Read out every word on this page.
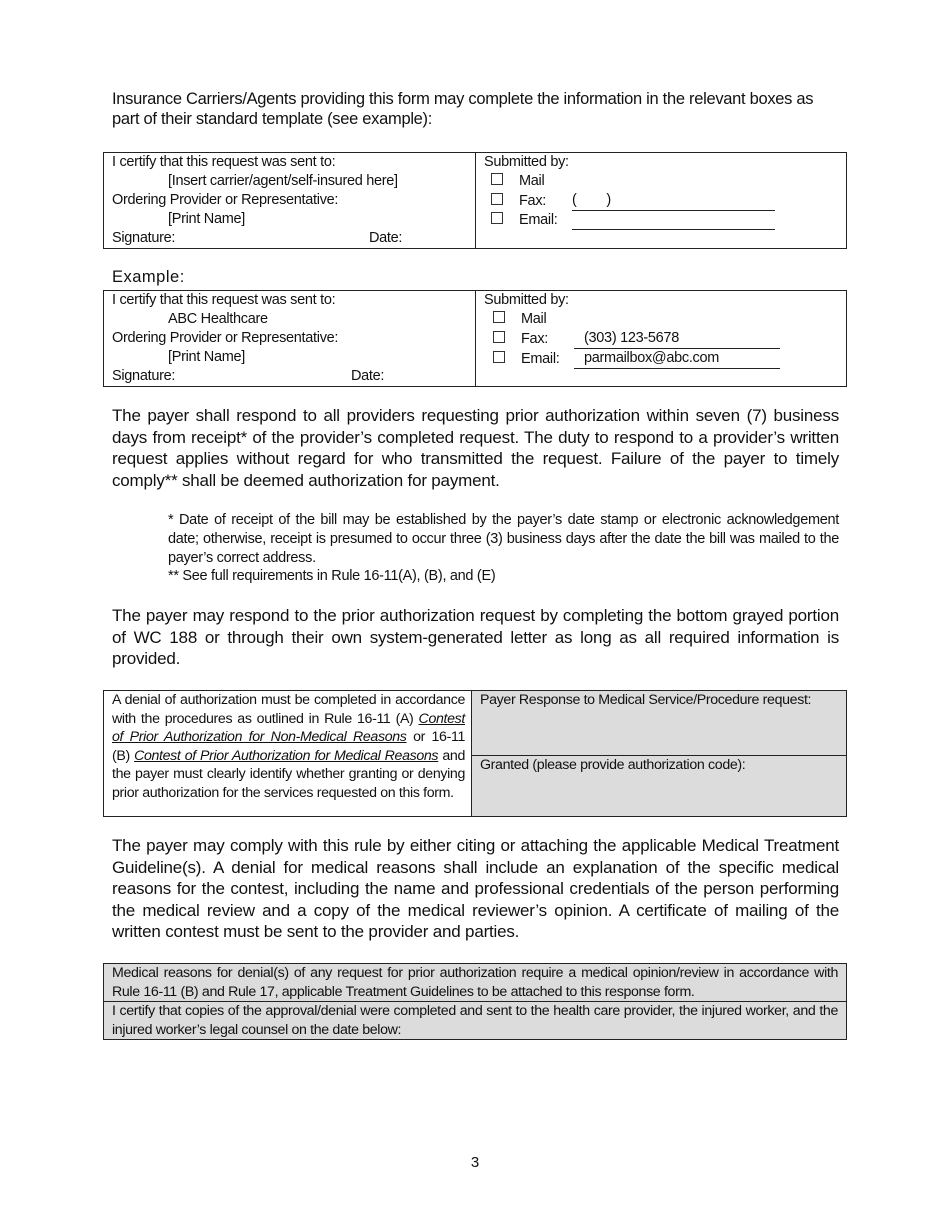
Insurance Carriers/Agents providing this form may complete the information in the relevant boxes as part of their standard template (see example):
I certify that this request was sent to:
[Insert carrier/agent/self-insured here]
Ordering Provider or Representative:
[Print Name]
Signature:	Date:

Submitted by:
Mail
Fax: (        )
Email:
Example:
I certify that this request was sent to:
ABC Healthcare
Ordering Provider or Representative:
[Print Name]
Signature:	Date:

Submitted by:
Mail
Fax: (303) 123-5678
Email: parmailbox@abc.com
The payer shall respond to all providers requesting prior authorization within seven (7) business days from receipt* of the provider’s completed request. The duty to respond to a provider’s written request applies without regard for who transmitted the request. Failure of the payer to timely comply** shall be deemed authorization for payment.
* Date of receipt of the bill may be established by the payer’s date stamp or electronic acknowledgement date; otherwise, receipt is presumed to occur three (3) business days after the date the bill was mailed to the payer’s correct address.
** See full requirements in Rule 16-11(A), (B), and (E)
The payer may respond to the prior authorization request by completing the bottom grayed portion of WC 188 or through their own system-generated letter as long as all required information is provided.
A denial of authorization must be completed in accordance with the procedures as outlined in Rule 16-11 (A) Contest of Prior Authorization for Non-Medical Reasons or 16-11 (B) Contest of Prior Authorization for Medical Reasons and the payer must clearly identify whether granting or denying prior authorization for the services requested on this form.

Payer Response to Medical Service/Procedure request:

Granted (please provide authorization code):
The payer may comply with this rule by either citing or attaching the applicable Medical Treatment Guideline(s). A denial for medical reasons shall include an explanation of the specific medical reasons for the contest, including the name and professional credentials of the person performing the medical review and a copy of the medical reviewer’s opinion. A certificate of mailing of the written contest must be sent to the provider and parties.
Medical reasons for denial(s) of any request for prior authorization require a medical opinion/review in accordance with Rule 16-11 (B) and Rule 17, applicable Treatment Guidelines to be attached to this response form.

I certify that copies of the approval/denial were completed and sent to the health care provider, the injured worker, and the injured worker’s legal counsel on the date below:
3
